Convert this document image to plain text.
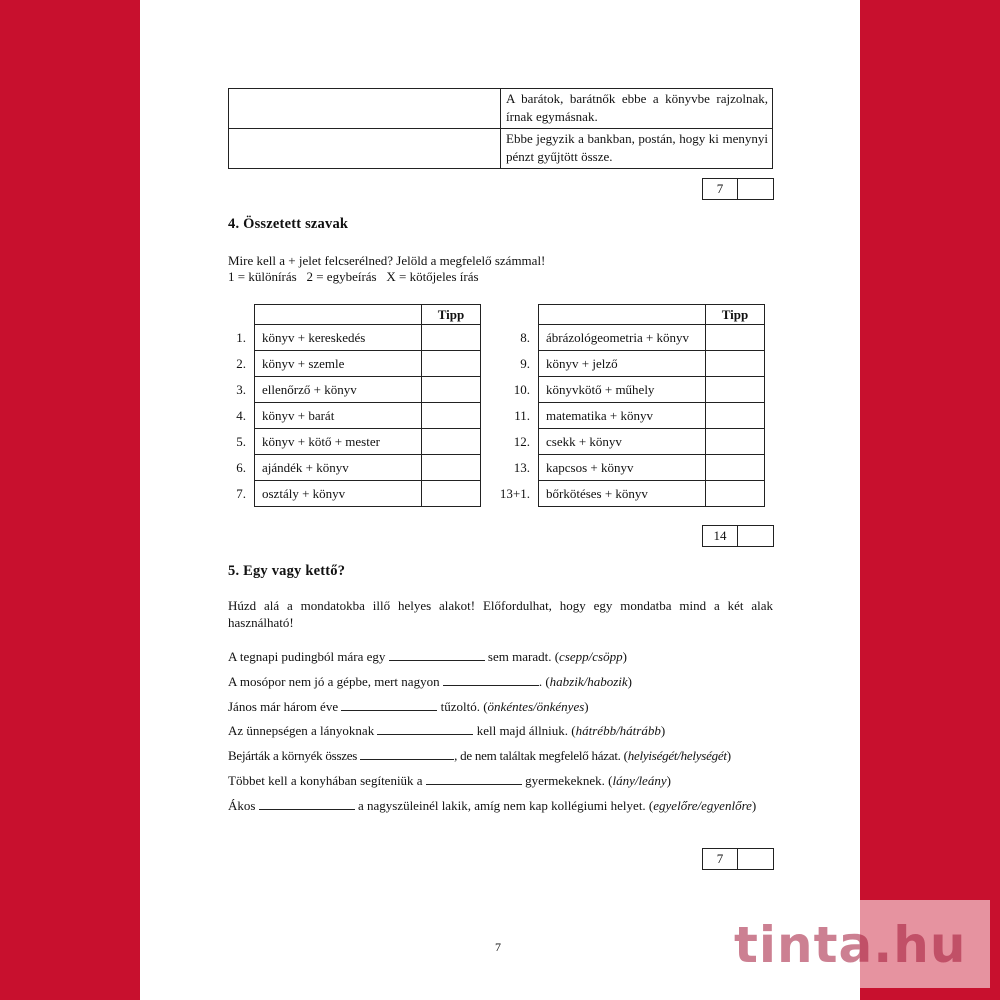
	A barátok, barátnők ebbe a könyvbe rajzolnak, írnak egymásnak.
	Ebbe jegyzik a bankban, postán, hogy ki menynyi pénzt gyűjtött össze.
7
4. Összetett szavak

Mire kell a + jelet felcserélned? Jelöld a megfelelő számmal!

1 = különírás   2 = egybeírás   X = kötőjeles írás

		Tipp
1.	könyv + kereskedés	
2.	könyv + szemle	
3.	ellenőrző + könyv	
4.	könyv + barát	
5.	könyv + kötő + mester	
6.	ajándék + könyv	
7.	osztály + könyv	
		Tipp
8.	ábrázológeometria + könyv	
9.	könyv + jelző	
10.	könyvkötő + műhely	
11.	matematika + könyv	
12.	csekk + könyv	
13.	kapcsos + könyv	
13+1.	bőrkötéses + könyv	
14
5. Egy vagy kettő?

Húzd alá a mondatokba illő helyes alakot! Előfordulhat, hogy egy mondatba mind a két alak használható!

A tegnapi pudingból mára egy	sem maradt. (csepp/csöpp)
A mosópor nem jó a gépbe, mert nagyon	. (habzik/habozik)
János már három éve	tűzoltó. (önkéntes/önkényes)
Az ünnepségen a lányoknak	kell majd állniuk. (hátrébb/hátrább)
Bejárták a környék összes	, de nem találtak megfelelő házat. (helyiségét/helységét)
Többet kell a konyhában segíteniük a	gyermekeknek. (lány/leány)
Ákos	a nagyszüleinél lakik, amíg nem kap kollégiumi helyet. (egyelőre/egyenlőre)
7
7	tinta.hu
